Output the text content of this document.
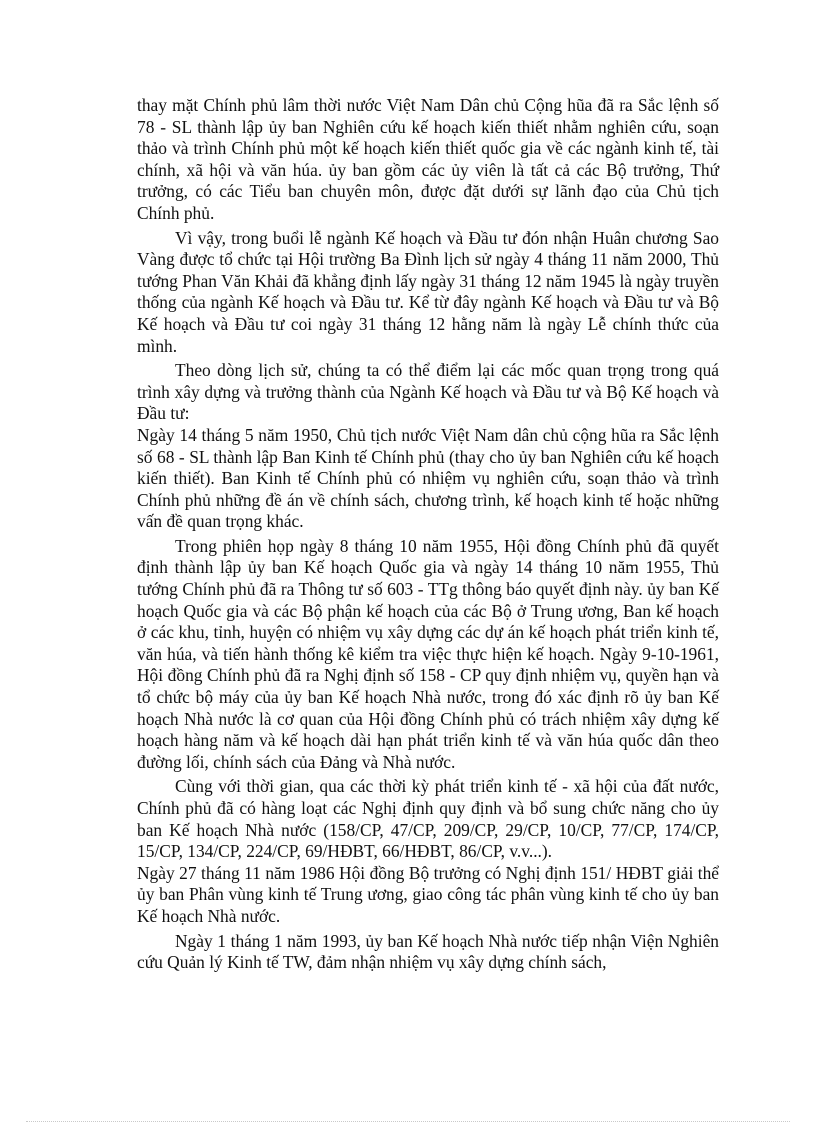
thay mặt Chính phủ lâm thời nước Việt Nam Dân chủ Cộng hũa đã ra Sắc lệnh số 78 - SL thành lập ủy ban Nghiên cứu kế hoạch kiến thiết nhằm nghiên cứu, soạn thảo và trình Chính phủ một kế hoạch kiến thiết quốc gia về các ngành kinh tế, tài chính, xã hội và văn húa. ủy ban gồm các ủy viên là tất cả các Bộ trưởng, Thứ trưởng, có các Tiểu ban chuyên môn, được đặt dưới sự lãnh đạo của Chủ tịch Chính phủ.

Vì vậy, trong buổi lễ ngành Kế hoạch và Đầu tư đón nhận Huân chương Sao Vàng được tổ chức tại Hội trường Ba Đình lịch sử ngày 4 tháng 11 năm 2000, Thủ tướng Phan Văn Khải đã khẳng định lấy ngày 31 tháng 12 năm 1945 là ngày truyền thống của ngành Kế hoạch và Đầu tư. Kể từ đây ngành Kế hoạch và Đầu tư và Bộ Kế hoạch và Đầu tư coi ngày 31 tháng 12 hằng năm là ngày Lễ chính thức của mình.

Theo dòng lịch sử, chúng ta có thể điểm lại các mốc quan trọng trong quá trình xây dựng và trưởng thành của Ngành Kế hoạch và Đầu tư và Bộ Kế hoạch và Đầu tư:

Ngày 14 tháng 5 năm 1950, Chủ tịch nước Việt Nam dân chủ cộng hũa ra Sắc lệnh số 68 - SL thành lập Ban Kinh tế Chính phủ (thay cho ủy ban Nghiên cứu kế hoạch kiến thiết). Ban Kinh tế Chính phủ có nhiệm vụ nghiên cứu, soạn thảo và trình Chính phủ những đề án về chính sách, chương trình, kế hoạch kinh tế hoặc những vấn đề quan trọng khác.

Trong phiên họp ngày 8 tháng 10 năm 1955, Hội đồng Chính phủ đã quyết định thành lập ủy ban Kế hoạch Quốc gia và ngày 14 tháng 10 năm 1955, Thủ tướng Chính phủ đã ra Thông tư số 603 - TTg thông báo quyết định này. ủy ban Kế hoạch Quốc gia và các Bộ phận kế hoạch của các Bộ ở Trung ương, Ban kế hoạch ở các khu, tỉnh, huyện có nhiệm vụ xây dựng các dự án kế hoạch phát triển kinh tế, văn húa, và tiến hành thống kê kiểm tra việc thực hiện kế hoạch. Ngày 9-10-1961, Hội đồng Chính phủ đã ra Nghị định số 158 - CP quy định nhiệm vụ, quyền hạn và tổ chức bộ máy của ủy ban Kế hoạch Nhà nước, trong đó xác định rõ ủy ban Kế hoạch Nhà nước là cơ quan của Hội đồng Chính phủ có trách nhiệm xây dựng kế hoạch hàng năm và kế hoạch dài hạn phát triển kinh tế và văn húa quốc dân theo đường lối, chính sách của Đảng và Nhà nước.

Cùng với thời gian, qua các thời kỳ phát triển kinh tế - xã hội của đất nước, Chính phủ đã có hàng loạt các Nghị định quy định và bổ sung chức năng cho ủy ban Kế hoạch Nhà nước (158/CP, 47/CP, 209/CP, 29/CP, 10/CP, 77/CP, 174/CP, 15/CP, 134/CP, 224/CP, 69/HĐBT, 66/HĐBT, 86/CP, v.v...).

Ngày 27 tháng 11 năm 1986 Hội đồng Bộ trưởng có Nghị định 151/ HĐBT giải thể ủy ban Phân vùng kinh tế Trung ương, giao công tác phân vùng kinh tế cho ủy ban Kế hoạch Nhà nước.

Ngày 1 tháng 1 năm 1993, ủy ban Kế hoạch Nhà nước tiếp nhận Viện Nghiên cứu Quản lý Kinh tế TW, đảm nhận nhiệm vụ xây dựng chính sách,
